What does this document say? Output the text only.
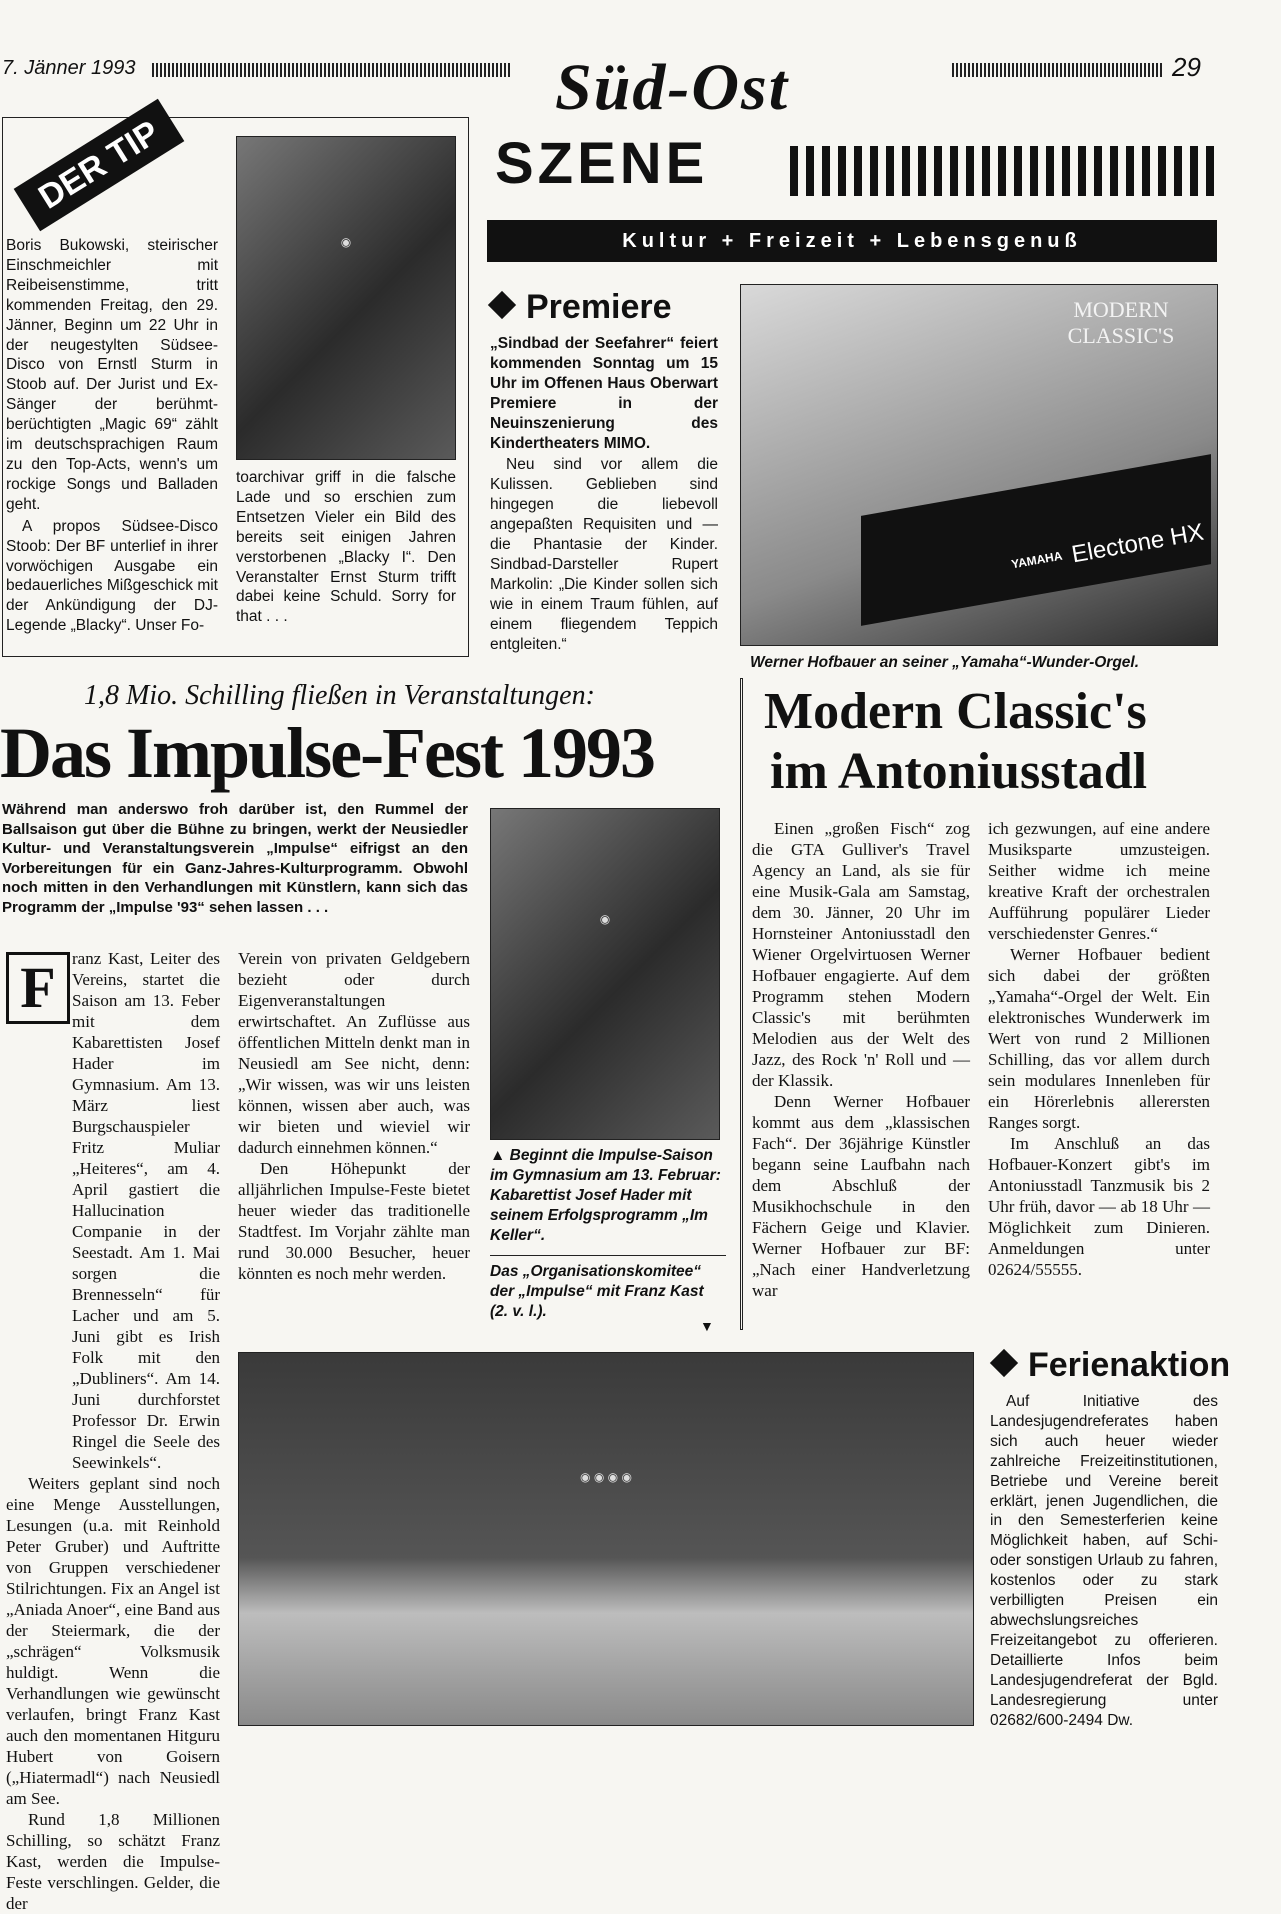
7. Jänner 1993	29
Süd-Ost
SZENE
Kultur + Freizeit + Lebensgenuß
DER TIP
◉

Boris Bukowski, steirischer Einschmeichler mit Reibeisenstimme, tritt kommenden Freitag, den 29. Jänner, Beginn um 22 Uhr in der neugestylten Südsee-Disco von Ernstl Sturm in Stoob auf. Der Jurist und Ex-Sänger der berühmt-berüchtigten „Magic 69“ zählt im deutschsprachigen Raum zu den Top-Acts, wenn's um rockige Songs und Balladen geht.

A propos Südsee-Disco Stoob: Der BF unterlief in ihrer vorwöchigen Ausgabe ein bedauerliches Mißgeschick mit der Ankündigung der DJ-Legende „Blacky“. Unser Fo-

toarchivar griff in die falsche Lade und so erschien zum Entsetzen Vieler ein Bild des bereits seit einigen Jahren verstorbenen „Blacky I“. Den Veranstalter Ernst Sturm trifft dabei keine Schuld. Sorry for that . . .
Premiere

„Sindbad der Seefahrer“ feiert kommenden Sonntag um 15 Uhr im Offenen Haus Oberwart Premiere in der Neuinszenierung des Kindertheaters MIMO.

Neu sind vor allem die Kulissen. Geblieben sind hingegen die liebevoll angepaßten Requisiten und — die Phantasie der Kinder. Sindbad-Darsteller Rupert Markolin: „Die Kinder sollen sich wie in einem Traum fühlen, auf einem fliegendem Teppich entgleiten.“

MODERN CLASSIC'S
YAMAHA Electone HX
Werner Hofbauer an seiner „Yamaha“-Wunder-Orgel.
1,8 Mio. Schilling fließen in Veranstaltungen:
Das Impulse-Fest 1993
Während man anderswo froh darüber ist, den Rummel der Ballsaison gut über die Bühne zu bringen, werkt der Neusiedler Kultur- und Veranstaltungsverein „Impulse“ eifrigst an den Vorbereitungen für ein Ganz-Jahres-Kulturprogramm. Obwohl noch mitten in den Verhandlungen mit Künstlern, kann sich das Programm der „Impulse '93“ sehen lassen . . .
◉
▲ Beginnt die Impulse-Saison im Gymnasium am 13. Februar: Kabarettist Josef Hader mit seinem Erfolgsprogramm „Im Keller“.
Das „Organisationskomitee“ der „Impulse“ mit Franz Kast (2. v. l.).
▼
F ranz Kast, Leiter des Vereins, startet die Saison am 13. Feber mit dem Kabarettisten Josef Hader im Gymnasium. Am 13. März liest Burgschauspieler Fritz Muliar „Heiteres“, am 4. April gastiert die Hallucination Companie in der Seestadt. Am 1. Mai sorgen die Brennesseln“ für Lacher und am 5. Juni gibt es Irish Folk mit den „Dubliners“. Am 14. Juni durchforstet Professor Dr. Erwin Ringel die Seele des Seewinkels“.

Weiters geplant sind noch eine Menge Ausstellungen, Lesungen (u.a. mit Reinhold Peter Gruber) und Auftritte von Gruppen verschiedener Stilrichtungen. Fix an Angel ist „Aniada Anoer“, eine Band aus der Steiermark, die der „schrägen“ Volksmusik huldigt. Wenn die Verhandlungen wie gewünscht verlaufen, bringt Franz Kast auch den momentanen Hitguru Hubert von Goisern („Hiatermadl“) nach Neusiedl am See.

Rund 1,8 Millionen Schilling, so schätzt Franz Kast, werden die Impulse-Feste verschlingen. Gelder, die der

Verein von privaten Geldgebern bezieht oder durch Eigenveranstaltungen erwirtschaftet. An Zuflüsse aus öffentlichen Mitteln denkt man in Neusiedl am See nicht, denn: „Wir wissen, was wir uns leisten können, wissen aber auch, was wir bieten und wieviel wir dadurch einnehmen können.“

Den Höhepunkt der alljährlichen Impulse-Feste bietet heuer wieder das traditionelle Stadtfest. Im Vorjahr zählte man rund 30.000 Besucher, heuer könnten es noch mehr werden.

Modern Classic's
im Antoniusstadl

Einen „großen Fisch“ zog die GTA Gulliver's Travel Agency an Land, als sie für eine Musik-Gala am Samstag, dem 30. Jänner, 20 Uhr im Hornsteiner Antoniusstadl den Wiener Orgelvirtuosen Werner Hofbauer engagierte. Auf dem Programm stehen Modern Classic's mit berühmten Melodien aus der Welt des Jazz, des Rock 'n' Roll und — der Klassik.

Denn Werner Hofbauer kommt aus dem „klassischen Fach“. Der 36jährige Künstler begann seine Laufbahn nach dem Abschluß der Musikhochschule in den Fächern Geige und Klavier. Werner Hofbauer zur BF: „Nach einer Handverletzung war

ich gezwungen, auf eine andere Musiksparte umzusteigen. Seither widme ich meine kreative Kraft der orchestralen Aufführung populärer Lieder verschiedenster Genres.“

Werner Hofbauer bedient sich dabei der größten „Yamaha“-Orgel der Welt. Ein elektronisches Wunderwerk im Wert von rund 2 Millionen Schilling, das vor allem durch sein modulares Innenleben für ein Hörerlebnis allerersten Ranges sorgt.

Im Anschluß an das Hofbauer-Konzert gibt's im Antoniusstadl Tanzmusik bis 2 Uhr früh, davor — ab 18 Uhr — Möglichkeit zum Dinieren. Anmeldungen unter 02624/55555.

◉ ◉ ◉ ◉
Ferienaktion
Auf Initiative des Landesjugendreferates haben sich auch heuer wieder zahlreiche Freizeitinstitutionen, Betriebe und Vereine bereit erklärt, jenen Jugendlichen, die in den Semesterferien keine Möglichkeit haben, auf Schi- oder sonstigen Urlaub zu fahren, kostenlos oder zu stark verbilligten Preisen ein abwechslungsreiches Freizeitangebot zu offerieren. Detaillierte Infos beim Landesjugendreferat der Bgld. Landesregierung unter 02682/600-2494 Dw.
